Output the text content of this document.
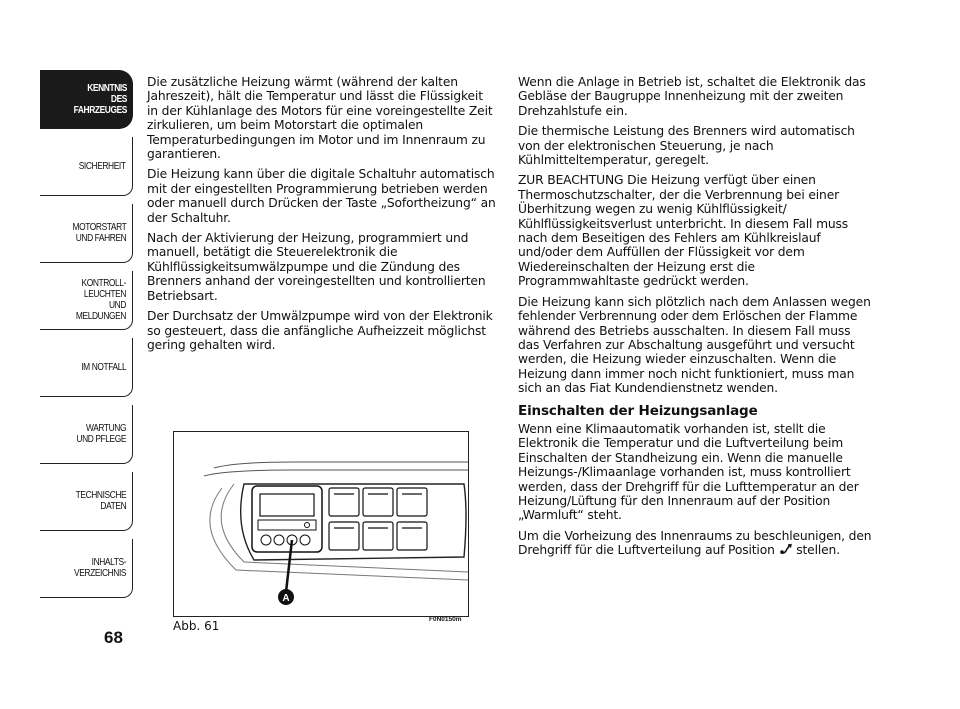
KENNTNIS
DES FAHRZEUGES
SICHERHEIT
MOTORSTART
UND FAHREN
KONTROLL-
LEUCHTEN
UND MELDUNGEN
IM NOTFALL
WARTUNG
UND PFLEGE
TECHNISCHE
DATEN
INHALTS-
VERZEICHNIS
68

Die zusätzliche Heizung wärmt (während der kalten Jahreszeit), hält die Temperatur und lässt die Flüssigkeit in der Kühlanlage des Motors für eine voreingestellte Zeit zirkulieren, um beim Motorstart die optimalen Temperaturbedingungen im Motor und im Innenraum zu garantieren.

Die Heizung kann über die digitale Schaltuhr automatisch mit der eingestellten Programmierung betrieben werden oder manuell durch Drücken der Taste „Sofortheizung“ an der Schaltuhr.

Nach der Aktivierung der Heizung, programmiert und manuell, betätigt die Steuerelektronik die Kühlflüssigkeitsumwälzpumpe und die Zündung des Brenners anhand der voreingestellten und kontrollierten Betriebsart.

Der Durchsatz der Umwälzpumpe wird von der Elektronik so gesteuert, dass die anfängliche Aufheizzeit möglichst gering gehalten wird.

Wenn die Anlage in Betrieb ist, schaltet die Elektronik das Gebläse der Baugruppe Innenheizung mit der zweiten Drehzahlstufe ein.

Die thermische Leistung des Brenners wird automatisch von der elektronischen Steuerung, je nach Kühlmitteltemperatur, geregelt.

ZUR BEACHTUNG Die Heizung verfügt über einen Thermoschutzschalter, der die Verbrennung bei einer Überhitzung wegen zu wenig Kühlflüssigkeit/ Kühlflüssigkeitsverlust unterbricht. In diesem Fall muss nach dem Beseitigen des Fehlers am Kühlkreislauf und/oder dem Auffüllen der Flüssigkeit vor dem Wiedereinschalten der Heizung erst die Programmwahltaste gedrückt werden.

Die Heizung kann sich plötzlich nach dem Anlassen wegen fehlender Verbrennung oder dem Erlöschen der Flamme während des Betriebs ausschalten. In diesem Fall muss das Verfahren zur Abschaltung ausgeführt und versucht werden, die Heizung wieder einzuschalten. Wenn die Heizung dann immer noch nicht funktioniert, muss man sich an das Fiat Kundendienstnetz wenden.

Einschalten der Heizungsanlage

Wenn eine Klimaautomatik vorhanden ist, stellt die Elektronik die Temperatur und die Luftverteilung beim Einschalten der Standheizung ein. Wenn die manuelle Heizungs-/Klimaanlage vorhanden ist, muss kontrolliert werden, dass der Drehgriff für die Lufttemperatur an der Heizung/Lüftung für den Innenraum auf der Position „Warmluft“ steht.

Um die Vorheizung des Innenraums zu beschleunigen, den Drehgriff für die Luftverteilung auf Position  stellen.

A
F0N0150m
Abb. 61
